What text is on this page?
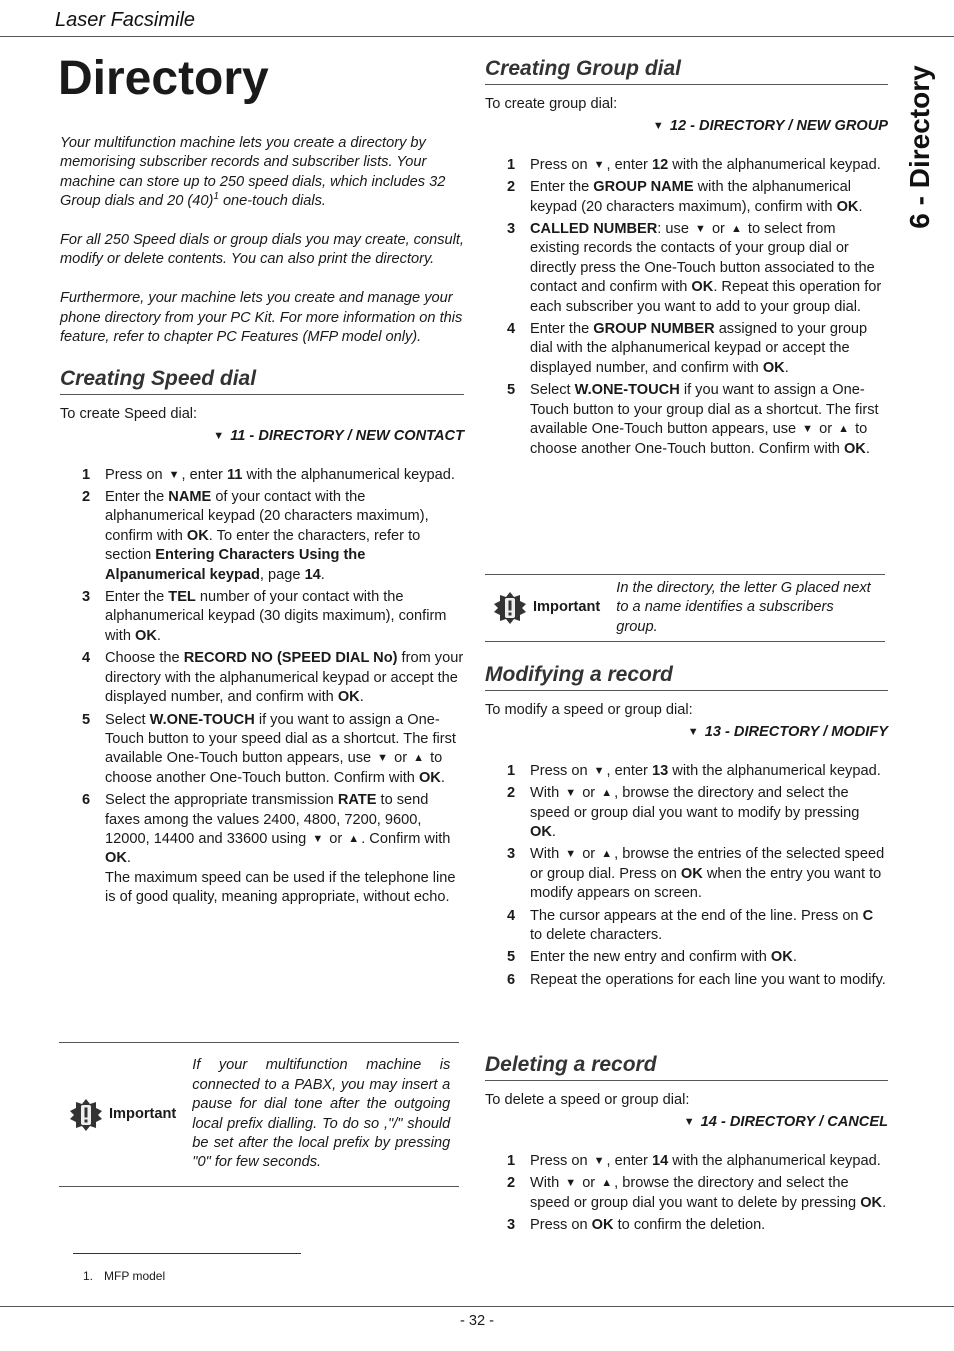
Laser Facsimile
6 - Directory
Directory

Your multifunction machine lets you create a directory by memorising subscriber records and subscriber lists. Your machine can store up to 250 speed dials, which includes 32 Group dials and 20 $(40)^1$ one-touch dials.

For all 250 Speed dials or group dials you may create, consult, modify or delete contents. You can also print the directory.

Furthermore, your machine lets you create and manage your phone directory from your PC Kit. For more information on this feature, refer to chapter PC Features (MFP model only).

Creating Speed dial
To create Speed dial:
▼ 11 - DIRECTORY / NEW CONTACT
1 Press on ▼ , enter 11 with the alphanumerical keypad.
2 Enter the NAME of your contact with the alphanumerical keypad (20 characters maximum), confirm with OK. To enter the characters, refer to section Entering Characters Using the Alpanumerical keypad, page 14.
3 Enter the TEL number of your contact with the alphanumerical keypad (30 digits maximum), confirm with OK.
4 Choose the RECORD NO (SPEED DIAL No) from your directory with the alphanumerical keypad or accept the displayed number, and confirm with OK.
5 Select W.ONE-TOUCH if you want to assign a One-Touch button to your speed dial as a shortcut. The first available One-Touch button appears, use ▼ or ▲ to choose another One-Touch button. Confirm with OK.
6 Select the appropriate transmission RATE to send faxes among the values 2400, 4800, 7200, 9600, 12000, 14400 and 33600 using ▼ or ▲ . Confirm with OK.
The maximum speed can be used if the telephone line is of good quality, meaning appropriate, without echo.
Important
If your multifunction machine is connected to a PABX, you may insert a pause for dial tone after the outgoing local prefix dialling. To do so ,"/" should be set after the local prefix by pressing "0" for few seconds.
1. MFP model
Creating Group dial
To create group dial:
▼ 12 - DIRECTORY / NEW GROUP
1 Press on ▼ , enter 12 with the alphanumerical keypad.
2 Enter the GROUP NAME with the alphanumerical keypad (20 characters maximum), confirm with OK.
3 CALLED NUMBER: use ▼ or ▲ to select from existing records the contacts of your group dial or directly press the One-Touch button associated to the contact and confirm with OK. Repeat this operation for each subscriber you want to add to your group dial.
4 Enter the GROUP NUMBER assigned to your group dial with the alphanumerical keypad or accept the displayed number, and confirm with OK.
5 Select W.ONE-TOUCH if you want to assign a One-Touch button to your group dial as a shortcut. The first available One-Touch button appears, use ▼ or ▲ to choose another One-Touch button. Confirm with OK.
Important
In the directory, the letter G placed next to a name identifies a subscribers group.
Modifying a record
To modify a speed or group dial:
▼ 13 - DIRECTORY / MODIFY
1 Press on ▼ , enter 13 with the alphanumerical keypad.
2 With ▼ or ▲ , browse the directory and select the speed or group dial you want to modify by pressing OK.
3 With ▼ or ▲ , browse the entries of the selected speed or group dial. Press on OK when the entry you want to modify appears on screen.
4 The cursor appears at the end of the line. Press on C to delete characters.
5 Enter the new entry and confirm with OK.
6 Repeat the operations for each line you want to modify.
Deleting a record
To delete a speed or group dial:
▼ 14 - DIRECTORY / CANCEL
1 Press on ▼ , enter 14 with the alphanumerical keypad.
2 With ▼ or ▲ , browse the directory and select the speed or group dial you want to delete by pressing OK.
3 Press on OK to confirm the deletion.
- 32 -
